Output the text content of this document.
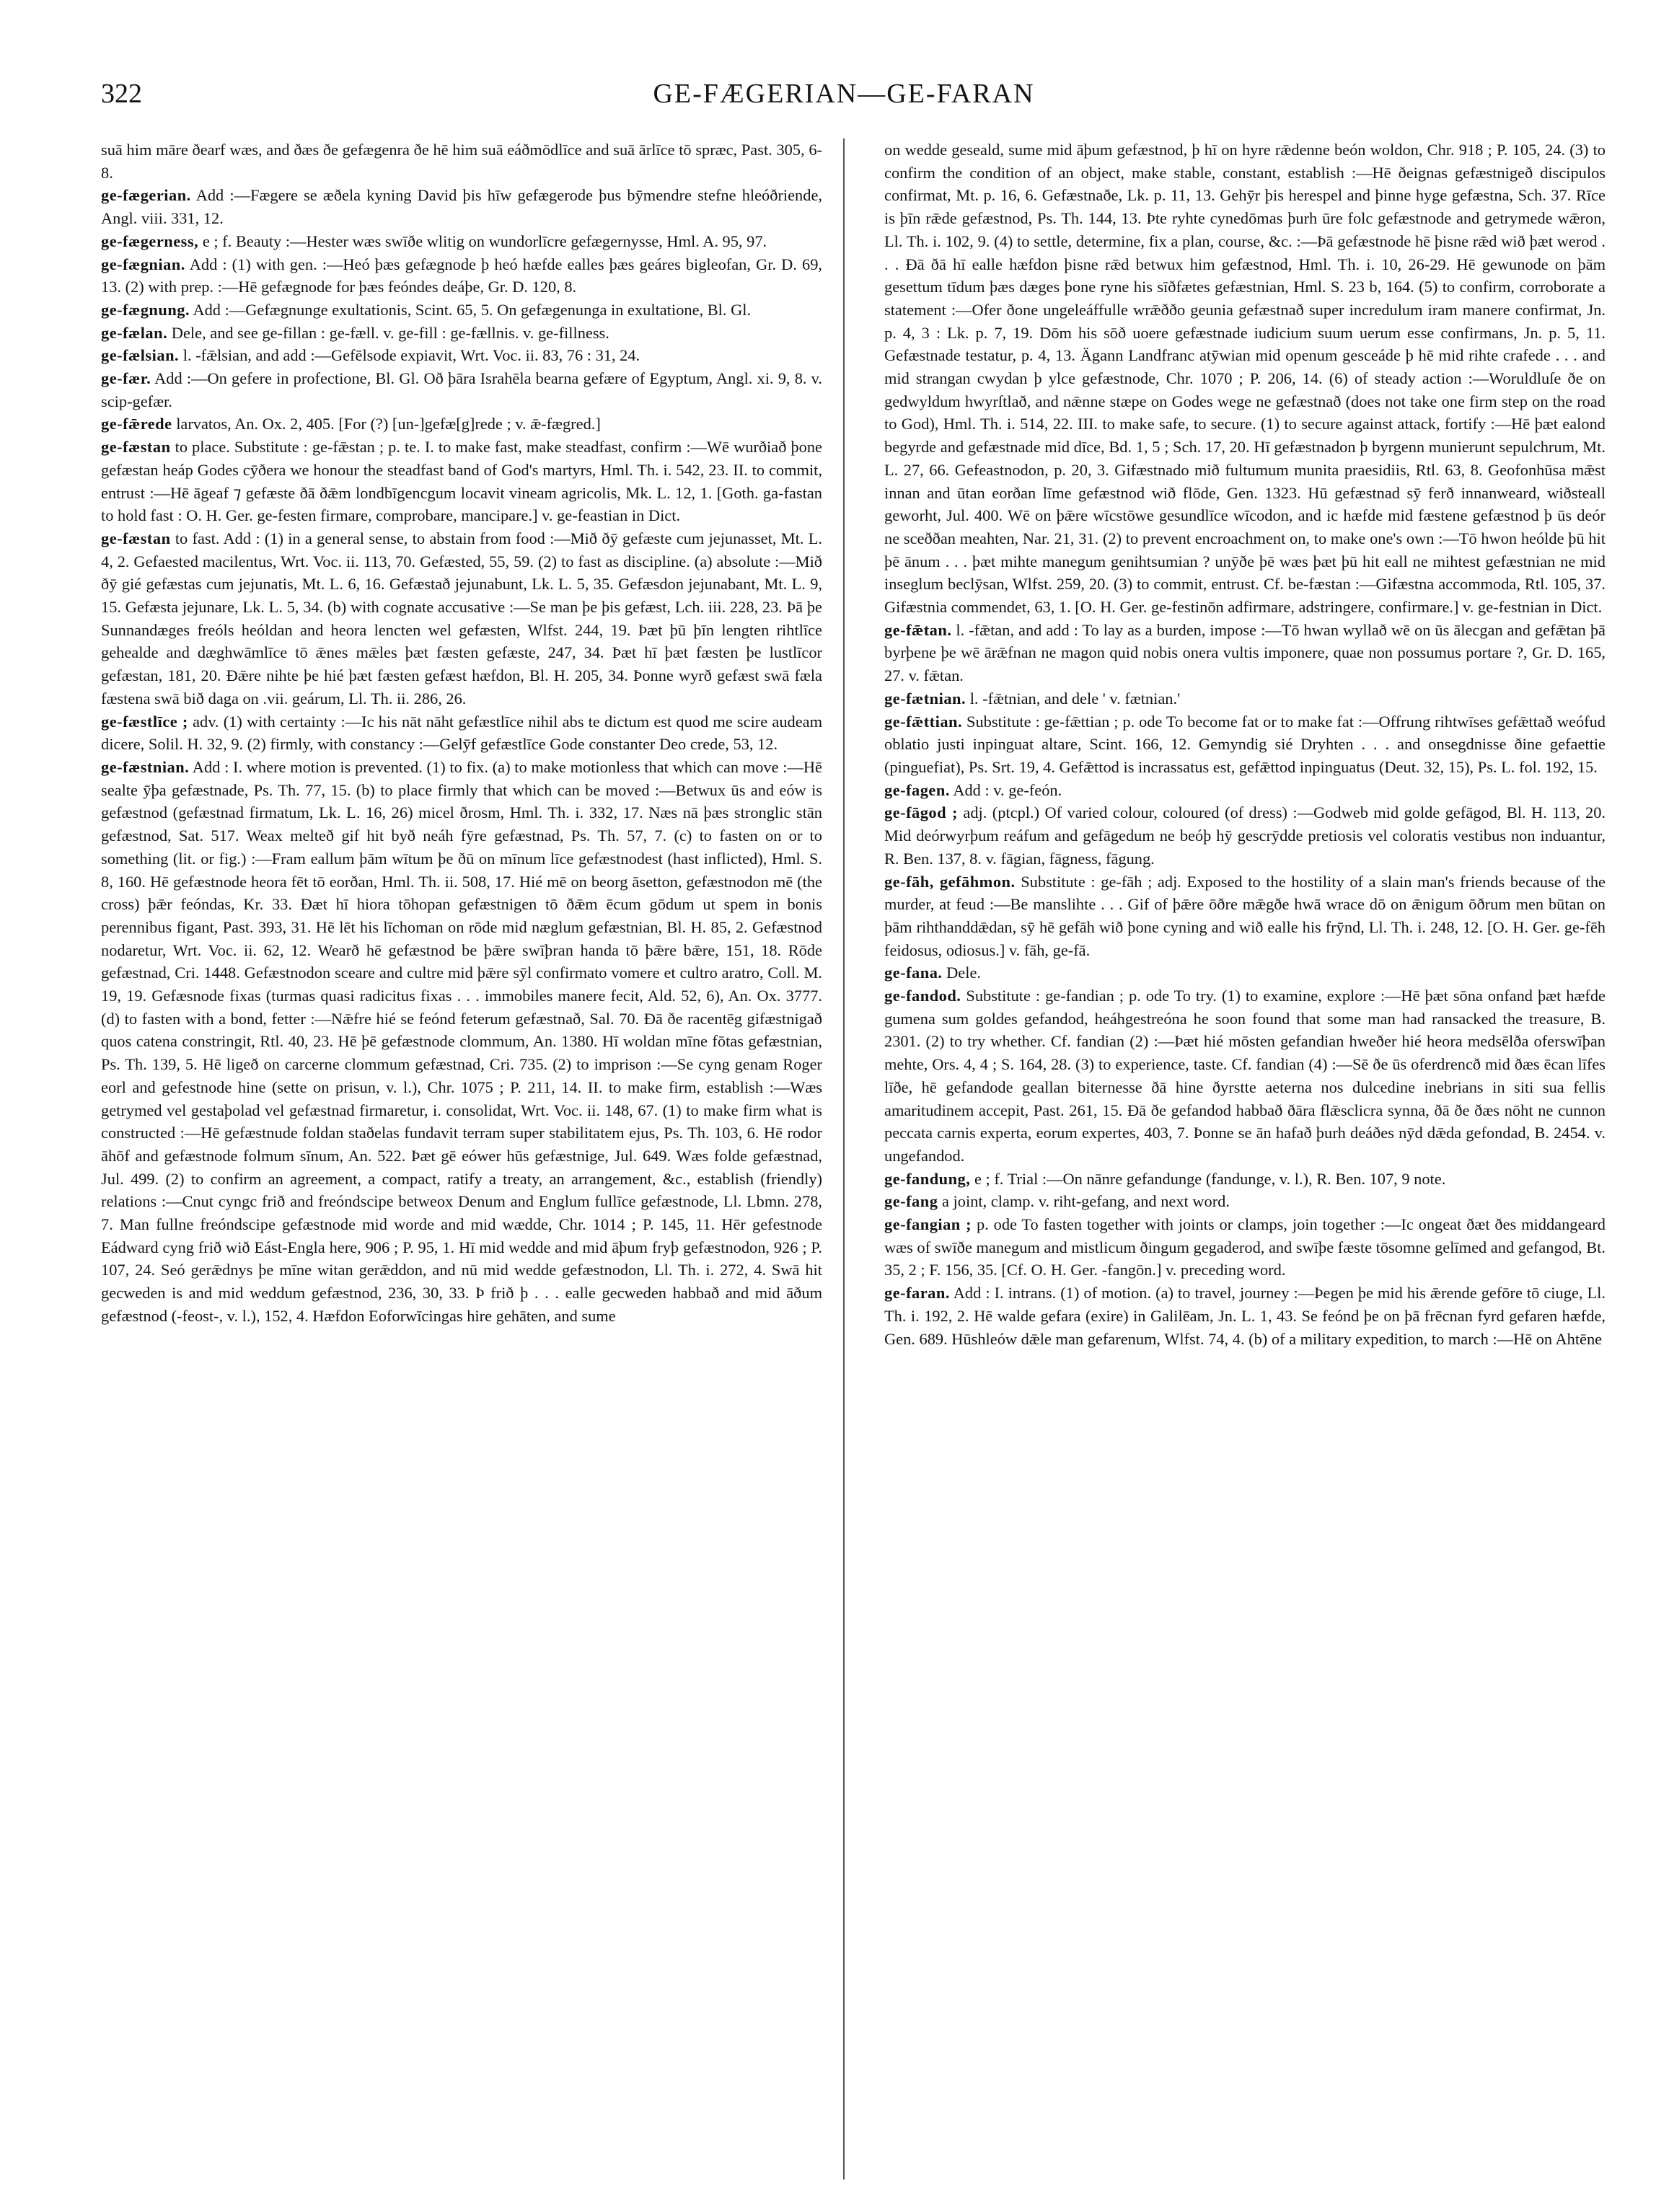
322	GE-FÆGERIAN—GE-FARAN

suā him māre ðearf wæs, and ðæs ðe gefægenra ðe hē him suā eáðmōdlīce and suā ārlīce tō spræc, Past. 305, 6-8.

ge-fægerian. Add :—Fægere se æðela kyning David þis hīw gefægerode þus bȳmendre stefne hleóðriende, Angl. viii. 331, 12.

ge-fægerness, e ; f. Beauty :—Hester wæs swīðe wlitig on wundorlīcre gefægernysse, Hml. A. 95, 97.

ge-fægnian. Add : (1) with gen. :—Heó þæs gefægnode þ heó hæfde ealles þæs geáres bigleofan, Gr. D. 69, 13. (2) with prep. :—Hē gefægnode for þæs feóndes deáþe, Gr. D. 120, 8.

ge-fægnung. Add :—Gefægnunge exultationis, Scint. 65, 5. On gefægenunga in exultatione, Bl. Gl.

ge-fælan. Dele, and see ge-fillan : ge-fæll. v. ge-fill : ge-fællnis. v. ge-fillness.

ge-fælsian. l. -fǣlsian, and add :—Gefēlsode expiavit, Wrt. Voc. ii. 83, 76 : 31, 24.

ge-fær. Add :—On gefere in profectione, Bl. Gl. Oð þāra Israhēla bearna gefære of Egyptum, Angl. xi. 9, 8. v. scip-gefær.

ge-fǣrede larvatos, An. Ox. 2, 405. [For (?) [un-]gefæ[g]rede ; v. ǣ-fægred.]

ge-fæstan to place. Substitute : ge-fǣstan ; p. te. I. to make fast, make steadfast, confirm :—Wē wurðiað þone gefæstan heáp Godes cȳðera we honour the steadfast band of God's martyrs, Hml. Th. i. 542, 23. II. to commit, entrust :—Hē āgeaf ⁊ gefæste ðā ðǣm londbīgencgum locavit vineam agricolis, Mk. L. 12, 1. [Goth. ga-fastan to hold fast : O. H. Ger. ge-festen firmare, comprobare, mancipare.] v. ge-feastian in Dict.

ge-fæstan to fast. Add : (1) in a general sense, to abstain from food :—Mið ðȳ gefæste cum jejunasset, Mt. L. 4, 2. Gefaested macilentus, Wrt. Voc. ii. 113, 70. Gefæsted, 55, 59. (2) to fast as discipline. (a) absolute :—Mið ðȳ gié gefæstas cum jejunatis, Mt. L. 6, 16. Gefæstað jejunabunt, Lk. L. 5, 35. Gefæsdon jejunabant, Mt. L. 9, 15. Gefæsta jejunare, Lk. L. 5, 34. (b) with cognate accusative :—Se man þe þis gefæst, Lch. iii. 228, 23. Þā þe Sunnandæges freóls heóldan and heora lencten wel gefæsten, Wlfst. 244, 19. Þæt þū þīn lengten rihtlīce gehealde and dæghwāmlīce tō ǣnes mǣles þæt fæsten gefæste, 247, 34. Þæt hī þæt fæsten þe lustlīcor gefæstan, 181, 20. Ðǣre nihte þe hié þæt fæsten gefæst hæfdon, Bl. H. 205, 34. Þonne wyrð gefæst swā fæla fæstena swā bið daga on .vii. geárum, Ll. Th. ii. 286, 26.

ge-fæstlīce ; adv. (1) with certainty :—Ic his nāt nāht gefæstlīce nihil abs te dictum est quod me scire audeam dicere, Solil. H. 32, 9. (2) firmly, with constancy :—Gelȳf gefæstlīce Gode constanter Deo crede, 53, 12.

ge-fæstnian. Add : I. where motion is prevented. (1) to fix. (a) to make motionless that which can move :—Hē sealte ȳþa gefæstnade, Ps. Th. 77, 15. (b) to place firmly that which can be moved :—Betwux ūs and eów is gefæstnod (gefæstnad firmatum, Lk. L. 16, 26) micel ðrosm, Hml. Th. i. 332, 17. Næs nā þæs stronglic stān gefæstnod, Sat. 517. Weax melteð gif hit byð neáh fȳre gefæstnad, Ps. Th. 57, 7. (c) to fasten on or to something (lit. or fig.) :—Fram eallum þām wītum þe ðū on mīnum līce gefæstnodest (hast inflicted), Hml. S. 8, 160. Hē gefæstnode heora fēt tō eorðan, Hml. Th. ii. 508, 17. Hié mē on beorg āsetton, gefæstnodon mē (the cross) þǣr feóndas, Kr. 33. Ðæt hī hiora tōhopan gefæstnigen tō ðǣm ēcum gōdum ut spem in bonis perennibus figant, Past. 393, 31. Hē lēt his līchoman on rōde mid næglum gefæstnian, Bl. H. 85, 2. Gefæstnod nodaretur, Wrt. Voc. ii. 62, 12. Wearð hē gefæstnod be þǣre swīþran handa tō þǣre bǣre, 151, 18. Rōde gefæstnad, Cri. 1448. Gefæstnodon sceare and cultre mid þǣre sȳl confirmato vomere et cultro aratro, Coll. M. 19, 19. Gefæsnode fixas (turmas quasi radicitus fixas . . . immobiles manere fecit, Ald. 52, 6), An. Ox. 3777. (d) to fasten with a bond, fetter :—Nǣfre hié se feónd feterum gefæstnað, Sal. 70. Ðā ðe racentēg gifæstnigað quos catena constringit, Rtl. 40, 23. Hē þē gefæstnode clommum, An. 1380. Hī woldan mīne fōtas gefæstnian, Ps. Th. 139, 5. Hē ligeð on carcerne clommum gefæstnad, Cri. 735. (2) to imprison :—Se cyng genam Roger eorl and gefestnode hine (sette on prisun, v. l.), Chr. 1075 ; P. 211, 14. II. to make firm, establish :—Wæs getrymed vel gestaþolad vel gefæstnad firmaretur, i. consolidat, Wrt. Voc. ii. 148, 67. (1) to make firm what is constructed :—Hē gefæstnude foldan staðelas fundavit terram super stabilitatem ejus, Ps. Th. 103, 6. Hē rodor āhōf and gefæstnode folmum sīnum, An. 522. Þæt gē eówer hūs gefæstnige, Jul. 649. Wæs folde gefæstnad, Jul. 499. (2) to confirm an agreement, a compact, ratify a treaty, an arrangement, &c., establish (friendly) relations :—Cnut cyngc frið and freóndscipe betweox Denum and Englum fullīce gefæstnode, Ll. Lbmn. 278, 7. Man fullne freóndscipe gefæstnode mid worde and mid wædde, Chr. 1014 ; P. 145, 11. Hēr gefestnode Eádward cyng frið wið Eást-Engla here, 906 ; P. 95, 1. Hī mid wedde and mid āþum fryþ gefæstnodon, 926 ; P. 107, 24. Seó gerǣdnys þe mīne witan gerǣddon, and nū mid wedde gefæstnodon, Ll. Th. i. 272, 4. Swā hit gecweden is and mid weddum gefæstnod, 236, 30, 33. Þ frið þ . . . ealle gecweden habbað and mid āðum gefæstnod (-feost-, v. l.), 152, 4. Hæfdon Eoforwīcingas hire gehāten, and sume

on wedde geseald, sume mid āþum gefæstnod, þ hī on hyre rǣdenne beón woldon, Chr. 918 ; P. 105, 24. (3) to confirm the condition of an object, make stable, constant, establish :—Hē ðeignas gefæstnigeð discipulos confirmat, Mt. p. 16, 6. Gefæstnaðe, Lk. p. 11, 13. Gehȳr þis herespel and þinne hyge gefæstna, Sch. 37. Rīce is þīn rǣde gefæstnod, Ps. Th. 144, 13. Þte ryhte cynedōmas þurh ūre folc gefæstnode and getrymede wǣron, Ll. Th. i. 102, 9. (4) to settle, determine, fix a plan, course, &c. :—Þā gefæstnode hē þisne rǣd wið þæt werod . . . Ðā ðā hī ealle hæfdon þisne rǣd betwux him gefæstnod, Hml. Th. i. 10, 26-29. Hē gewunode on þām gesettum tīdum þæs dæges þone ryne his sīðfætes gefæstnian, Hml. S. 23 b, 164. (5) to confirm, corroborate a statement :—Ofer ðone ungeleáffulle wrǣððo geunia gefæstnað super incredulum iram manere confirmat, Jn. p. 4, 3 : Lk. p. 7, 19. Dōm his sōð uoere gefæstnade iudicium suum uerum esse confirmans, Jn. p. 5, 11. Gefæstnade testatur, p. 4, 13. Ägann Landfranc atȳwian mid openum gesceáde þ hē mid rihte crafede . . . and mid strangan cwydan þ ylce gefæstnode, Chr. 1070 ; P. 206, 14. (6) of steady action :—Woruldluſe ðe on gedwyldum hwyrſtlað, and nǣnne stæpe on Godes wege ne gefæstnað (does not take one firm step on the road to God), Hml. Th. i. 514, 22. III. to make safe, to secure. (1) to secure against attack, fortify :—Hē þæt ealond begyrde and gefæstnade mid dīce, Bd. 1, 5 ; Sch. 17, 20. Hī gefæstnadon þ byrgenn munierunt sepulchrum, Mt. L. 27, 66. Gefeastnodon, p. 20, 3. Gifæstnado mið fultumum munita praesidiis, Rtl. 63, 8. Geofonhūsa mǣst innan and ūtan eorðan līme gefæstnod wið flōde, Gen. 1323. Hū gefæstnad sȳ ferð innanweard, wiðsteall geworht, Jul. 400. Wē on þǣre wīcstōwe gesundlīce wīcodon, and ic hæfde mid fæstene gefæstnod þ ūs deór ne sceððan meahten, Nar. 21, 31. (2) to prevent encroachment on, to make one's own :—Tō hwon heólde þū hit þē ānum . . . þæt mihte manegum genihtsumian ? unȳðe þē wæs þæt þū hit eall ne mihtest gefæstnian ne mid inseglum beclȳsan, Wlfst. 259, 20. (3) to commit, entrust. Cf. be-fæstan :—Gifæstna accommoda, Rtl. 105, 37. Gifæstnia commendet, 63, 1. [O. H. Ger. ge-festinōn adfirmare, adstringere, confirmare.] v. ge-festnian in Dict.

ge-fǣtan. l. -fǣtan, and add : To lay as a burden, impose :—Tō hwan wyllað wē on ūs ālecgan and gefǣtan þā byrþene þe wē ārǣfnan ne magon quid nobis onera vultis imponere, quae non possumus portare ?, Gr. D. 165, 27. v. fǣtan.

ge-fætnian. l. -fǣtnian, and dele ' v. fætnian.'

ge-fǣttian. Substitute : ge-fǣttian ; p. ode To become fat or to make fat :—Offrung rihtwīses gefǣttað weófud oblatio justi inpinguat altare, Scint. 166, 12. Gemyndig sié Dryhten . . . and onsegdnisse ðine gefaettie (pinguefiat), Ps. Srt. 19, 4. Gefǣttod is incrassatus est, gefǣttod inpinguatus (Deut. 32, 15), Ps. L. fol. 192, 15.

ge-fagen. Add : v. ge-feón.

ge-fāgod ; adj. (ptcpl.) Of varied colour, coloured (of dress) :—Godweb mid golde gefāgod, Bl. H. 113, 20. Mid deórwyrþum reáfum and gefāgedum ne beóþ hȳ gescrȳdde pretiosis vel coloratis vestibus non induantur, R. Ben. 137, 8. v. fāgian, fāgness, fāgung.

ge-fāh, gefāhmon. Substitute : ge-fāh ; adj. Exposed to the hostility of a slain man's friends because of the murder, at feud :—Be manslihte . . . Gif of þǣre ōðre mǣgðe hwā wrace dō on ǣnigum ōðrum men būtan on þām rihthanddǣdan, sȳ hē gefāh wið þone cyning and wið ealle his frȳnd, Ll. Th. i. 248, 12. [O. H. Ger. ge-fēh feidosus, odiosus.] v. fāh, ge-fā.

ge-fana. Dele.

ge-fandod. Substitute : ge-fandian ; p. ode To try. (1) to examine, explore :—Hē þæt sōna onfand þæt hæfde gumena sum goldes gefandod, heáhgestreóna he soon found that some man had ransacked the treasure, B. 2301. (2) to try whether. Cf. fandian (2) :—Þæt hié mōsten gefandian hweðer hié heora medsēlða oferswīþan mehte, Ors. 4, 4 ; S. 164, 28. (3) to experience, taste. Cf. fandian (4) :—Sē ðe ūs oferdrencð mid ðæs ēcan līfes līðe, hē gefandode geallan biternesse ðā hine ðyrstte aeterna nos dulcedine inebrians in siti sua fellis amaritudinem accepit, Past. 261, 15. Ðā ðe gefandod habbað ðāra flǣsclicra synna, ðā ðe ðæs nōht ne cunnon peccata carnis experta, eorum expertes, 403, 7. Þonne se ān hafað þurh deáðes nȳd dǣda gefondad, B. 2454. v. ungefandod.

ge-fandung, e ; f. Trial :—On nānre gefandunge (fandunge, v. l.), R. Ben. 107, 9 note.

ge-fang a joint, clamp. v. riht-gefang, and next word.

ge-fangian ; p. ode To fasten together with joints or clamps, join together :—Ic ongeat ðæt ðes middangeard wæs of swīðe manegum and mistlicum ðingum gegaderod, and swīþe fæste tōsomne gelīmed and gefangod, Bt. 35, 2 ; F. 156, 35. [Cf. O. H. Ger. -fangōn.] v. preceding word.

ge-faran. Add : I. intrans. (1) of motion. (a) to travel, journey :—Þegen þe mid his ǣrende gefōre tō ciuge, Ll. Th. i. 192, 2. Hē walde gefara (exire) in Galilēam, Jn. L. 1, 43. Se feónd þe on þā frēcnan fyrd gefaren hæfde, Gen. 689. Hūshleów dǣle man gefarenum, Wlfst. 74, 4. (b) of a military expedition, to march :—Hē on Ahtēne
